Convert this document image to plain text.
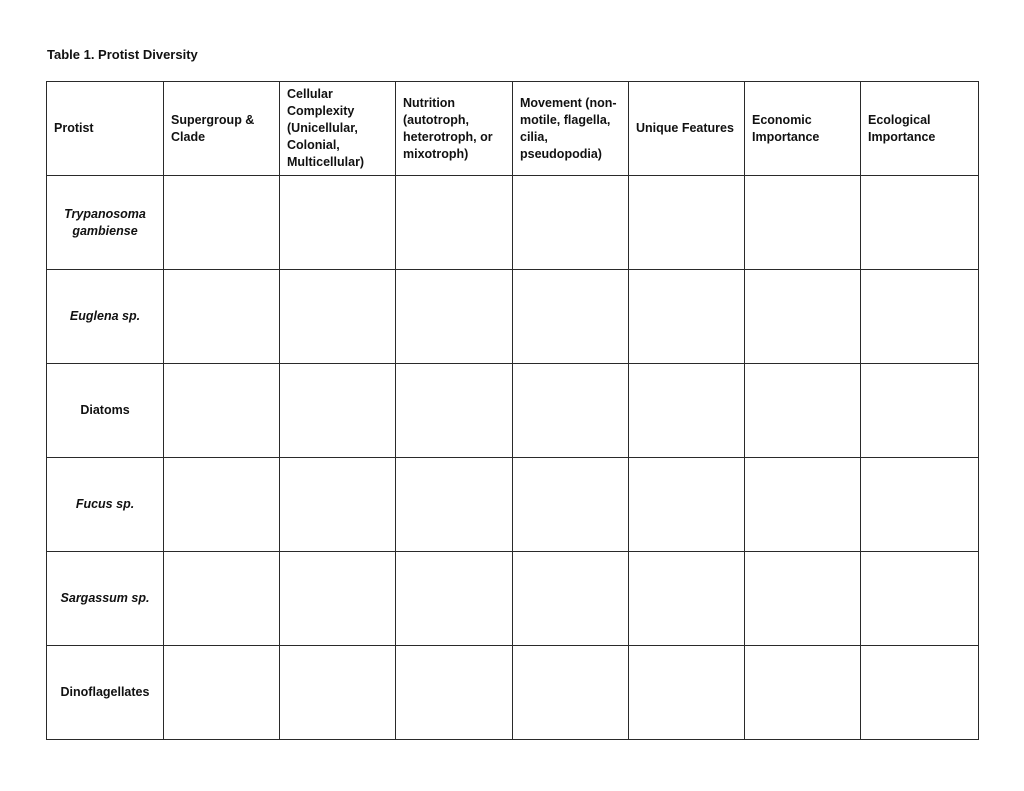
Table 1. Protist Diversity
Protist	Supergroup & Clade	Cellular Complexity (Unicellular, Colonial, Multicellular)	Nutrition (autotroph, heterotroph, or mixotroph)	Movement (non-motile, flagella, cilia, pseudopodia)	Unique Features	Economic Importance	Ecological Importance
Trypanosoma gambiense							
Euglena sp.							
Diatoms							
Fucus sp.							
Sargassum sp.							
Dinoflagellates							
